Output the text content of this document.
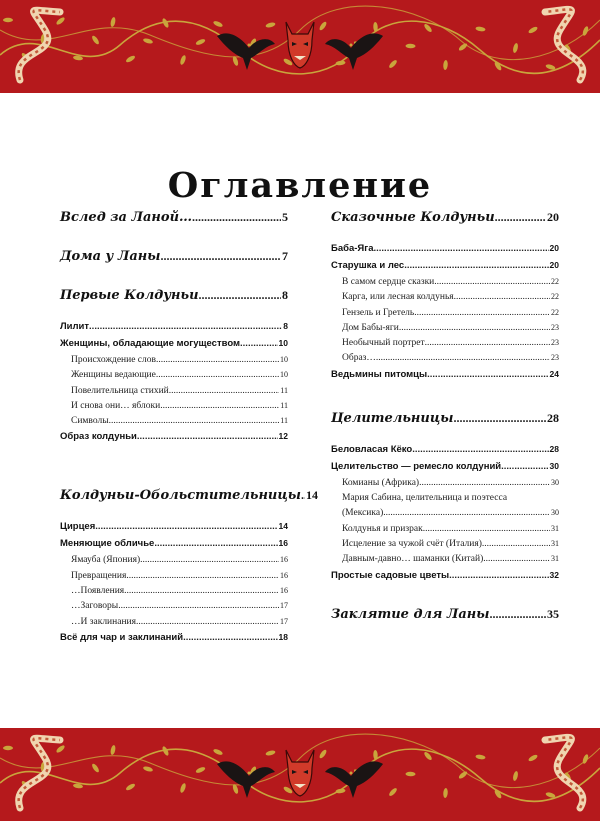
Оглавление
Вслед за Ланой… .....	5
Дома у Ланы .....	7
Первые Колдуньи .....	8
Лилит .....	8
Женщины, обладающие могуществом .....	10
Происхождение слов .....	10
Женщины ведающие .....	10
Повелительница стихий .....	11
И снова они… яблоки .....	11
Символы .....	11
Образ колдуньи .....	12
Колдуньи-Обольстительницы ..... 14
Цирцея .....	14
Меняющие обличье .....	16
Ямауба (Япония) .....	16
Превращения .....	16
…Появления .....	16
…Заговоры .....	17
…И заклинания .....	17
Всё для чар и заклинаний .....	18
Сказочные Колдуньи .....	20
Баба-Яга .....	20
Старушка и лес .....	20
В самом сердце сказки .....	22
Карга, или лесная колдунья .....	22
Гензель и Гретель .....	22
Дом Бабы-яги .....	23
Необычный портрет .....	23
Образ… .....	23
Ведьмины питомцы .....	24
Целительницы .....	28
Беловласая Кёко .....	28
Целительство — ремесло колдуний .....	30
Комианы (Африка) .....	30
Мария Сабина, целительница и поэтесса
(Мексика) .....	30
Колдунья и призрак .....	31
Исцеление за чужой счёт (Италия) .....	31
Давным-давно… шаманки (Китай) .....	31
Простые садовые цветы .....	32
Заклятие для Ланы .....	35
